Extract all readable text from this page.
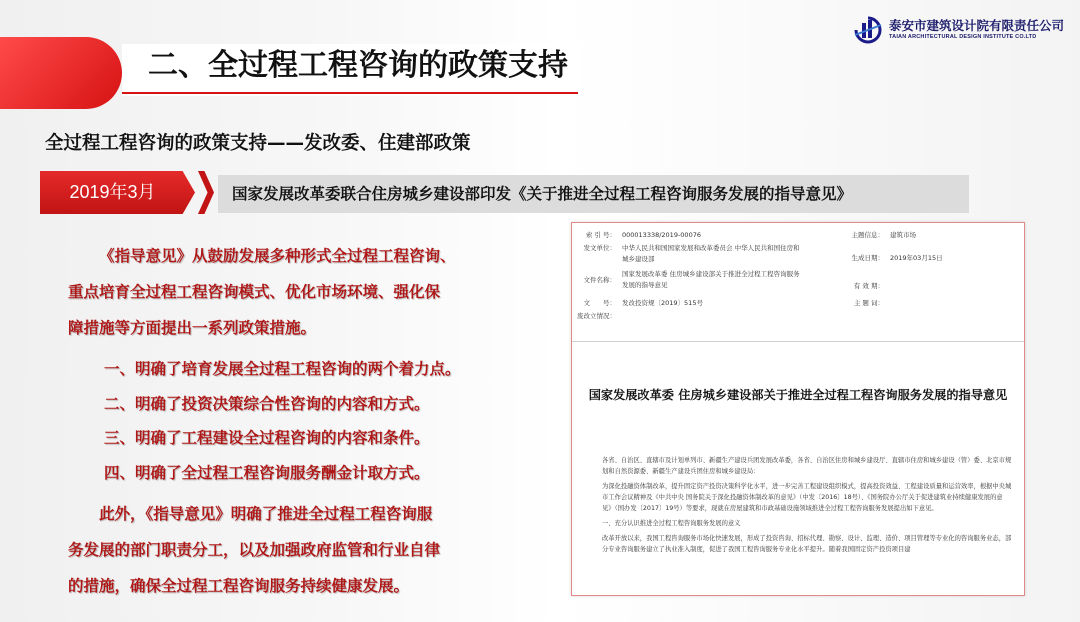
二、全过程工程咨询的政策支持
泰安市建筑设计院有限责任公司
TAIAN ARCHITECTURAL DESIGN INSTITUTE CO.LTD
全过程工程咨询的政策支持——发改委、住建部政策
2019年3月	国家发展改革委联合住房城乡建设部印发《关于推进全过程工程咨询服务发展的指导意见》
《指导意见》从鼓励发展多种形式全过程工程咨询、
重点培育全过程工程咨询模式、优化市场环境、强化保
障措施等方面提出一系列政策措施。
一、明确了培育发展全过程工程咨询的两个着力点。
二、明确了投资决策综合性咨询的内容和方式。
三、明确了工程建设全过程咨询的内容和条件。
四、明确了全过程工程咨询服务酬金计取方式。
此外，《指导意见》明确了推进全过程工程咨询服
务发展的部门职责分工，以及加强政府监管和行业自律
的措施，确保全过程工程咨询服务持续健康发展。
索 引 号： 000013338/2019-00076	主题信息： 建筑市场
发文单位： 中华人民共和国国家发展和改革委员会 中华人民共和国住房和城乡建设部	生成日期： 2019年03月15日
文件名称：
国家发展改革委 住房城乡建设部关于推进全过程工程咨询服务发展的指导意见	有 效 期：
文　　号： 发改投资规〔2019〕515号	主 题 词：
废改立情况：
国家发展改革委 住房城乡建设部关于推进全过程工程咨询服务发展的指导意见

各省、自治区、直辖市及计划单列市、新疆生产建设兵团发展改革委，各省、自治区住房和城乡建设厅、直辖市住房和城乡建设（管）委、北京市规划和自然资源委、新疆生产建设兵团住房和城乡建设局：

为深化投融资体制改革，提升固定资产投资决策科学化水平，进一步完善工程建设组织模式，提高投资效益、工程建设质量和运营效率，根据中央城市工作会议精神及《中共中央 国务院关于深化投融资体制改革的意见》（中发〔2016〕18号）、《国务院办公厅关于促进建筑业持续健康发展的意见》（国办发〔2017〕19号）等要求，现就在房屋建筑和市政基础设施领域推进全过程工程咨询服务发展提出如下意见。

一、充分认识推进全过程工程咨询服务发展的意义

改革开放以来，我国工程咨询服务市场化快速发展，形成了投资咨询、招标代理、勘察、设计、监理、造价、项目管理等专业化的咨询服务业态，部分专业咨询服务建立了执业准入制度，促进了我国工程咨询服务专业化水平提升。随着我国固定资产投资项目建
